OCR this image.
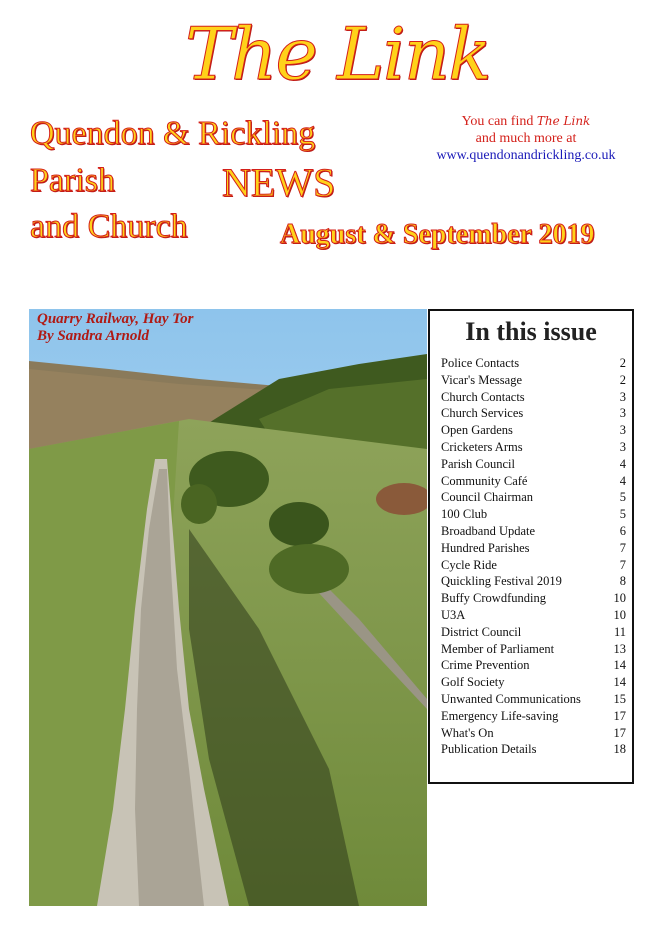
The Link
Quendon & Rickling
Parish
and Church
NEWS
August & September 2019
You can find The Link
and much more at
www.quendonandrickling.co.uk
Quarry Railway, Hay Tor
By Sandra Arnold	In this issue
Police Contacts	2
Vicar's Message	2
Church Contacts	3
Church Services	3
Open Gardens	3
Cricketers Arms	3
Parish Council	4
Community Café	4
Council Chairman	5
100 Club	5
Broadband Update	6
Hundred Parishes	7
Cycle Ride	7
Quickling Festival 2019	8
Buffy Crowdfunding	10
U3A	10
District Council	11
Member of Parliament	13
Crime Prevention	14
Golf Society	14
Unwanted Communications	15
Emergency Life-saving	17
What's On	17
Publication Details	18
